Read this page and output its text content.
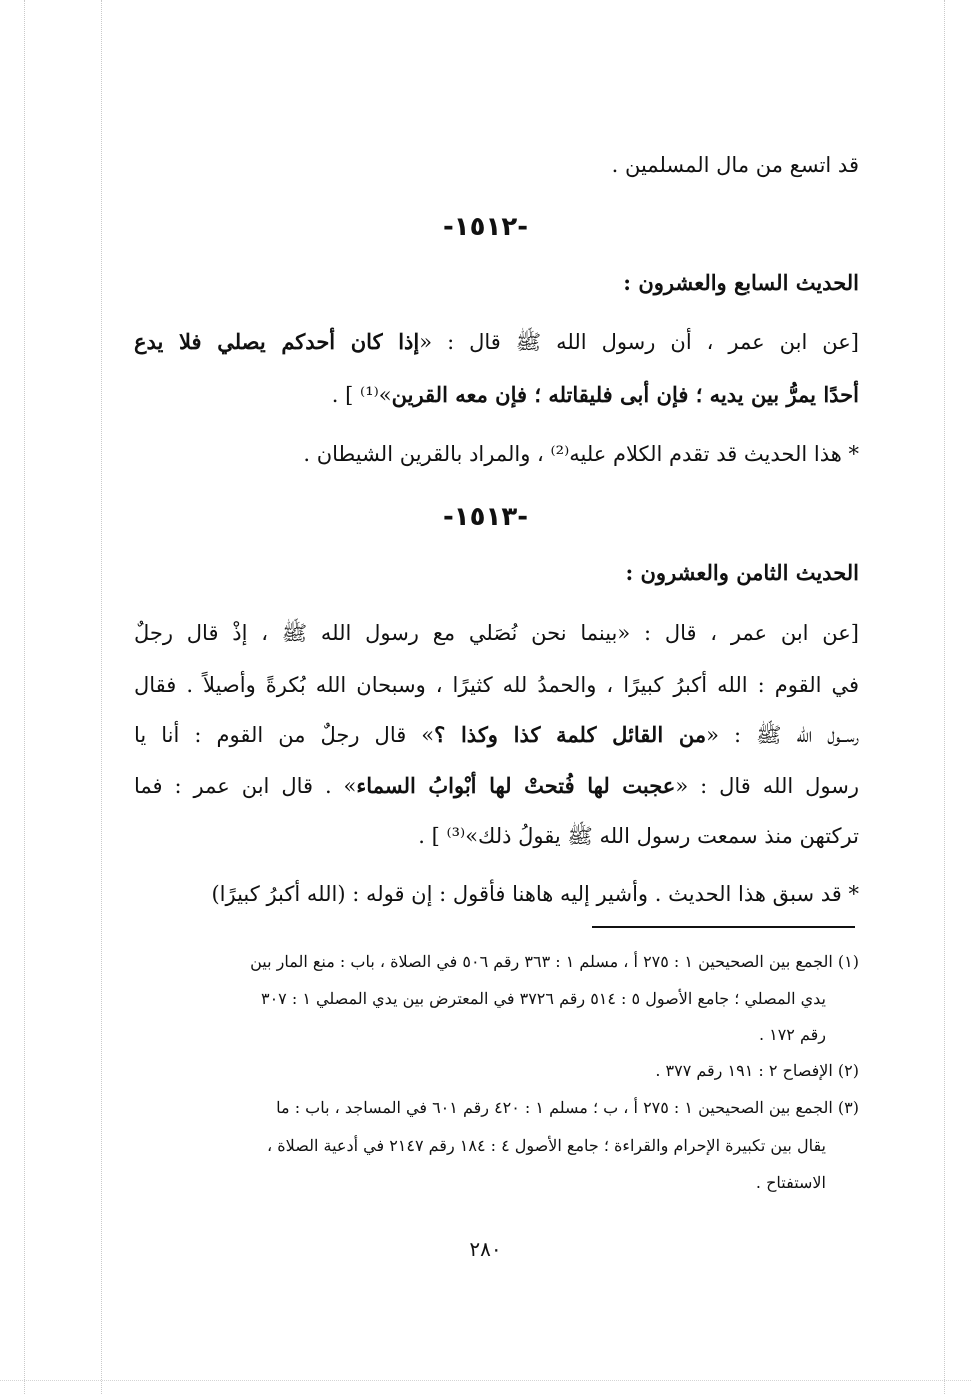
قد اتسع من مال المسلمين .
-١٥١٢-
الحديث السابع والعشرون :
[عن ابن عمر ، أن رسول الله ﷺ قال : «إذا كان أحدكم يصلي فلا يدع
أحدًا يمرُّ بين يديه ؛ فإن أبى فليقاتله ؛ فإن معه القرين»⁽¹⁾ ] .
* هذا الحديث قد تقدم الكلام عليه⁽²⁾ ، والمراد بالقرين الشيطان .
-١٥١٣-
الحديث الثامن والعشرون :
[عن ابن عمر ، قال : «بينما نحن نُصَلي مع رسول الله ﷺ ، إذْ قال رجلٌ
في القوم : الله أكبرُ كبيرًا ، والحمدُ لله كثيرًا ، وسبحان الله بُكرةً وأصيلاً . فقال
رســول الله ﷺ : «من القائل كلمة كذا وكذا ؟» قال رجلٌ من القوم : أنا يا
رسول الله قال : «عجبت لها فُتحتْ لها أبْوابُ السماء» . قال ابن عمر : فما
تركتهن منذ سمعت رسول الله ﷺ يقولُ ذلك»⁽³⁾ ] .
* قد سبق هذا الحديث . وأشير إليه هاهنا فأقول : إن قوله : (الله أكبرُ كبيرًا)
(١) الجمع بين الصحيحين ١ : ٢٧٥ أ ، مسلم ١ : ٣٦٣ رقم ٥٠٦ في الصلاة ، باب : منع المار بين
يدي المصلي ؛ جامع الأصول ٥ : ٥١٤ رقم ٣٧٢٦ في المعترض بين يدي المصلي ١ : ٣٠٧
رقم ١٧٢ .
(٢) الإفصاح ٢ : ١٩١ رقم ٣٧٧ .
(٣) الجمع بين الصحيحين ١ : ٢٧٥ أ ، ب ؛ مسلم ١ : ٤٢٠ رقم ٦٠١ في المساجد ، باب : ما
يقال بين تكبيرة الإحرام والقراءة ؛ جامع الأصول ٤ : ١٨٤ رقم ٢١٤٧ في أدعية الصلاة ،
الاستفتاح .
٢٨٠
